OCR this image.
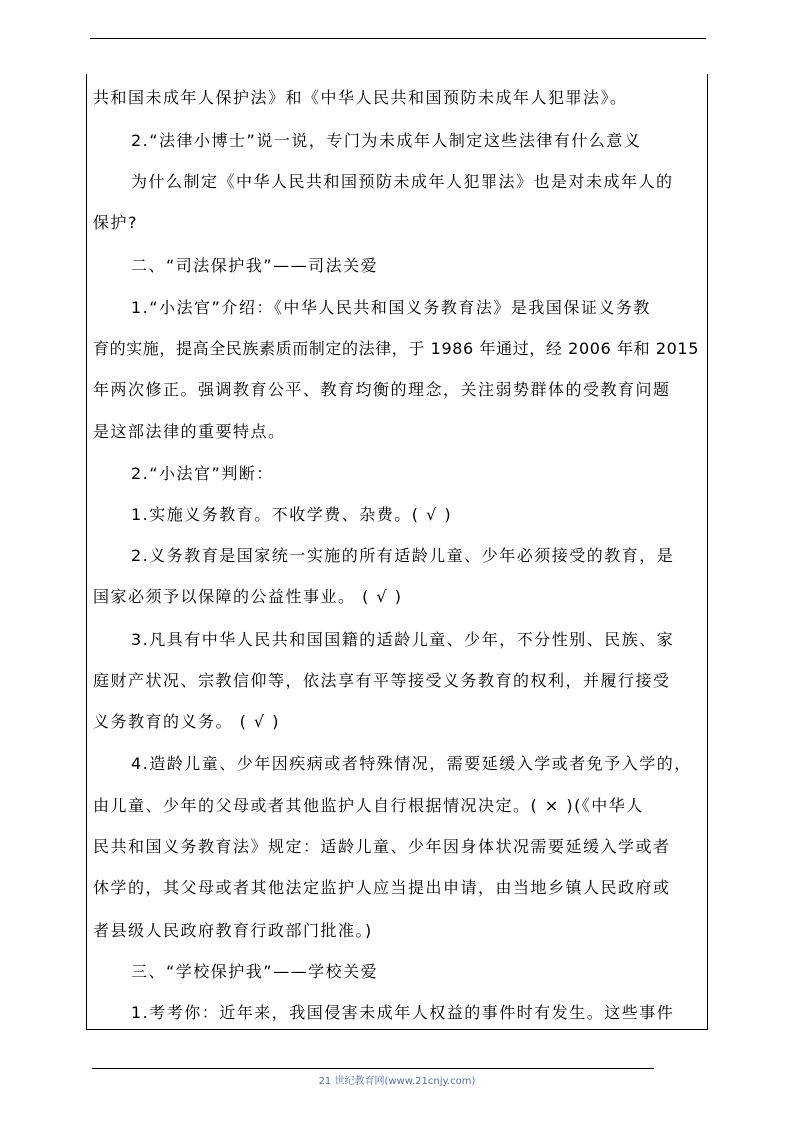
共和国未成年人保护法》和《中华人民共和国预防未成年人犯罪法》。
2.“法律小博士”说一说，专门为未成年人制定这些法律有什么意义
为什么制定《中华人民共和国预防未成年人犯罪法》也是对未成年人的
保护?
二、“司法保护我”——司法关爱
1.“小法官”介绍：《中华人民共和国义务教育法》是我国保证义务教
育的实施，提高全民族素质而制定的法律，于 1986 年通过，经 2006 年和 2015
年两次修正。强调教育公平、教育均衡的理念，关注弱势群体的受教育问题
是这部法律的重要特点。
2.“小法官”判断：
1.实施义务教育。不收学费、杂费。( √ )
2.义务教育是国家统一实施的所有适龄儿童、少年必须接受的教育，是
国家必须予以保障的公益性事业。 ( √ )
3.凡具有中华人民共和国国籍的适龄儿童、少年，不分性别、民族、家
庭财产状况、宗教信仰等，依法享有平等接受义务教育的权利，并履行接受
义务教育的义务。 ( √ )
4.造龄儿童、少年因疾病或者特殊情况，需要延缓入学或者免予入学的，
由儿童、少年的父母或者其他监护人自行根据情况决定。( × )(《中华人
民共和国义务教育法》规定：适龄儿童、少年因身体状况需要延缓入学或者
休学的，其父母或者其他法定监护人应当提出申请，由当地乡镇人民政府或
者县级人民政府教育行政部门批准。)
三、“学校保护我”——学校关爱
1.考考你：近年来，我国侵害未成年人权益的事件时有发生。这些事件
21 世纪教育网(www.21cnjy.com)
